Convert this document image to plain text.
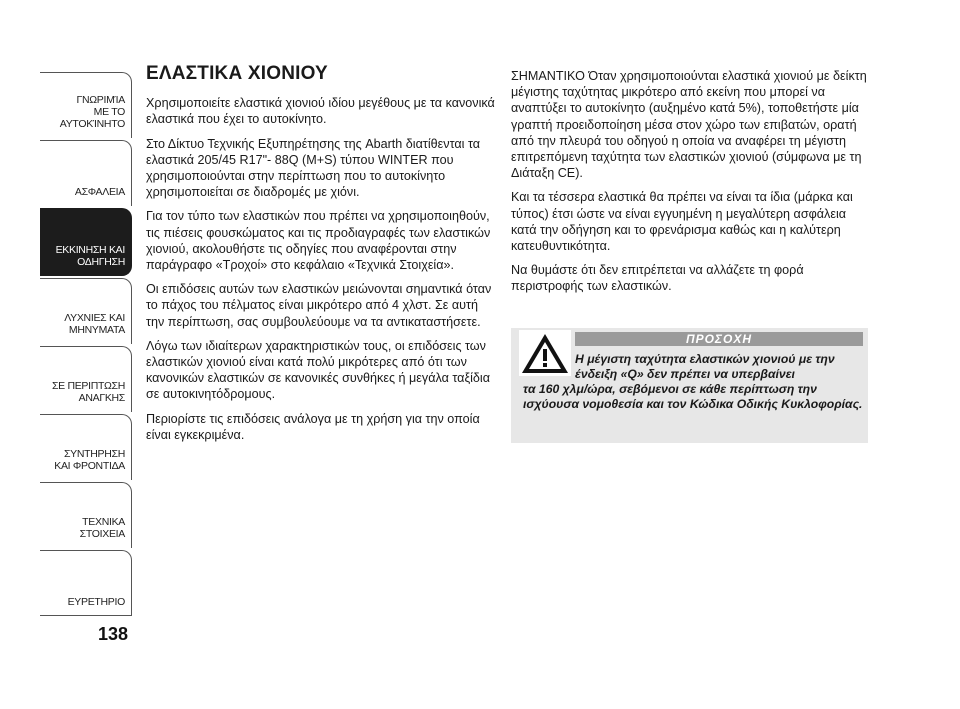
ΓΝΩΡΙΜΊΑ
ΜΕ ΤΟ
ΑΥΤΟΚΊΝΗΤΟ
ΑΣΦΑΛΕΙΑ
ΕΚΚΙΝΗΣΗ ΚΑΙ
ΟΔΗΓΗΣΗ
ΛΥΧΝΙΕΣ ΚΑΙ
ΜΗΝΥΜΑΤΑ
ΣΕ ΠΕΡΙΠΤΩΣΗ
ΑΝΑΓΚΗΣ
ΣΥΝΤΗΡΗΣΗ
ΚΑΙ ΦΡΟΝΤΙΔΑ
ΤΕΧΝΙΚΑ
ΣΤΟΙΧΕΙΑ
ΕΥΡΕΤΗΡΙΟ
138
ΕΛΑΣΤΙΚΑ ΧΙΟΝΙΟΥ

Χρησιμοποιείτε ελαστικά χιονιού ιδίου μεγέθους με τα κανονικά ελαστικά που έχει το αυτοκίνητο.

Στο Δίκτυο Τεχνικής Εξυπηρέτησης της Abarth διατίθενται τα ελαστικά 205/45 R17"- 88Q (M+S) τύπου WINTER που χρησιμοποιούνται στην περίπτωση που το αυτοκίνητο χρησιμοποιείται σε διαδρομές με χιόνι.

Για τον τύπο των ελαστικών που πρέπει να χρησιμοποιηθούν, τις πιέσεις φουσκώματος και τις προδιαγραφές των ελαστικών χιονιού, ακολουθήστε τις οδηγίες που αναφέρονται στην παράγραφο «Τροχοί» στο κεφάλαιο «Τεχνικά Στοιχεία».

Οι επιδόσεις αυτών των ελαστικών μειώνονται σημαντικά όταν το πάχος του πέλματος είναι μικρότερο από 4 χλστ. Σε αυτή την περίπτωση, σας συμβουλεύουμε να τα αντικαταστήσετε.

Λόγω των ιδιαίτερων χαρακτηριστικών τους, οι επιδόσεις των ελαστικών χιονιού είναι κατά πολύ μικρότερες από ότι των κανονικών ελαστικών σε κανονικές συνθήκες ή μεγάλα ταξίδια σε αυτοκινητόδρομους.

Περιορίστε τις επιδόσεις ανάλογα με τη χρήση για την οποία είναι εγκεκριμένα.

ΣΗΜΑΝΤΙΚΟ Όταν χρησιμοποιούνται ελαστικά χιονιού με δείκτη μέγιστης ταχύτητας μικρότερο από εκείνη που μπορεί να αναπτύξει το αυτοκίνητο (αυξημένο κατά 5%), τοποθετήστε μία γραπτή προειδοποίηση μέσα στον χώρο των επιβατών, ορατή από την πλευρά του οδηγού η οποία να αναφέρει τη μέγιστη επιτρεπόμενη ταχύτητα των ελαστικών χιονιού (σύμφωνα με τη Διάταξη CE).

Και τα τέσσερα ελαστικά θα πρέπει να είναι τα ίδια (μάρκα και τύπος) έτσι ώστε να είναι εγγυημένη η μεγαλύτερη ασφάλεια κατά την οδήγηση και το φρενάρισμα καθώς και η καλύτερη κατευθυντικότητα.

Να θυμάστε ότι δεν επιτρέπεται να αλλάζετε τη φορά περιστροφής των ελαστικών.

ΠΡΟΣΟΧΗ
Η μέγιστη ταχύτητα ελαστικών χιονιού με την ένδειξη «Q» δεν πρέπει να υπερβαίνει
τα 160 χλμ/ώρα, σεβόμενοι σε κάθε περίπτωση την ισχύουσα νομοθεσία και τον Κώδικα Οδικής Κυκλοφορίας.
